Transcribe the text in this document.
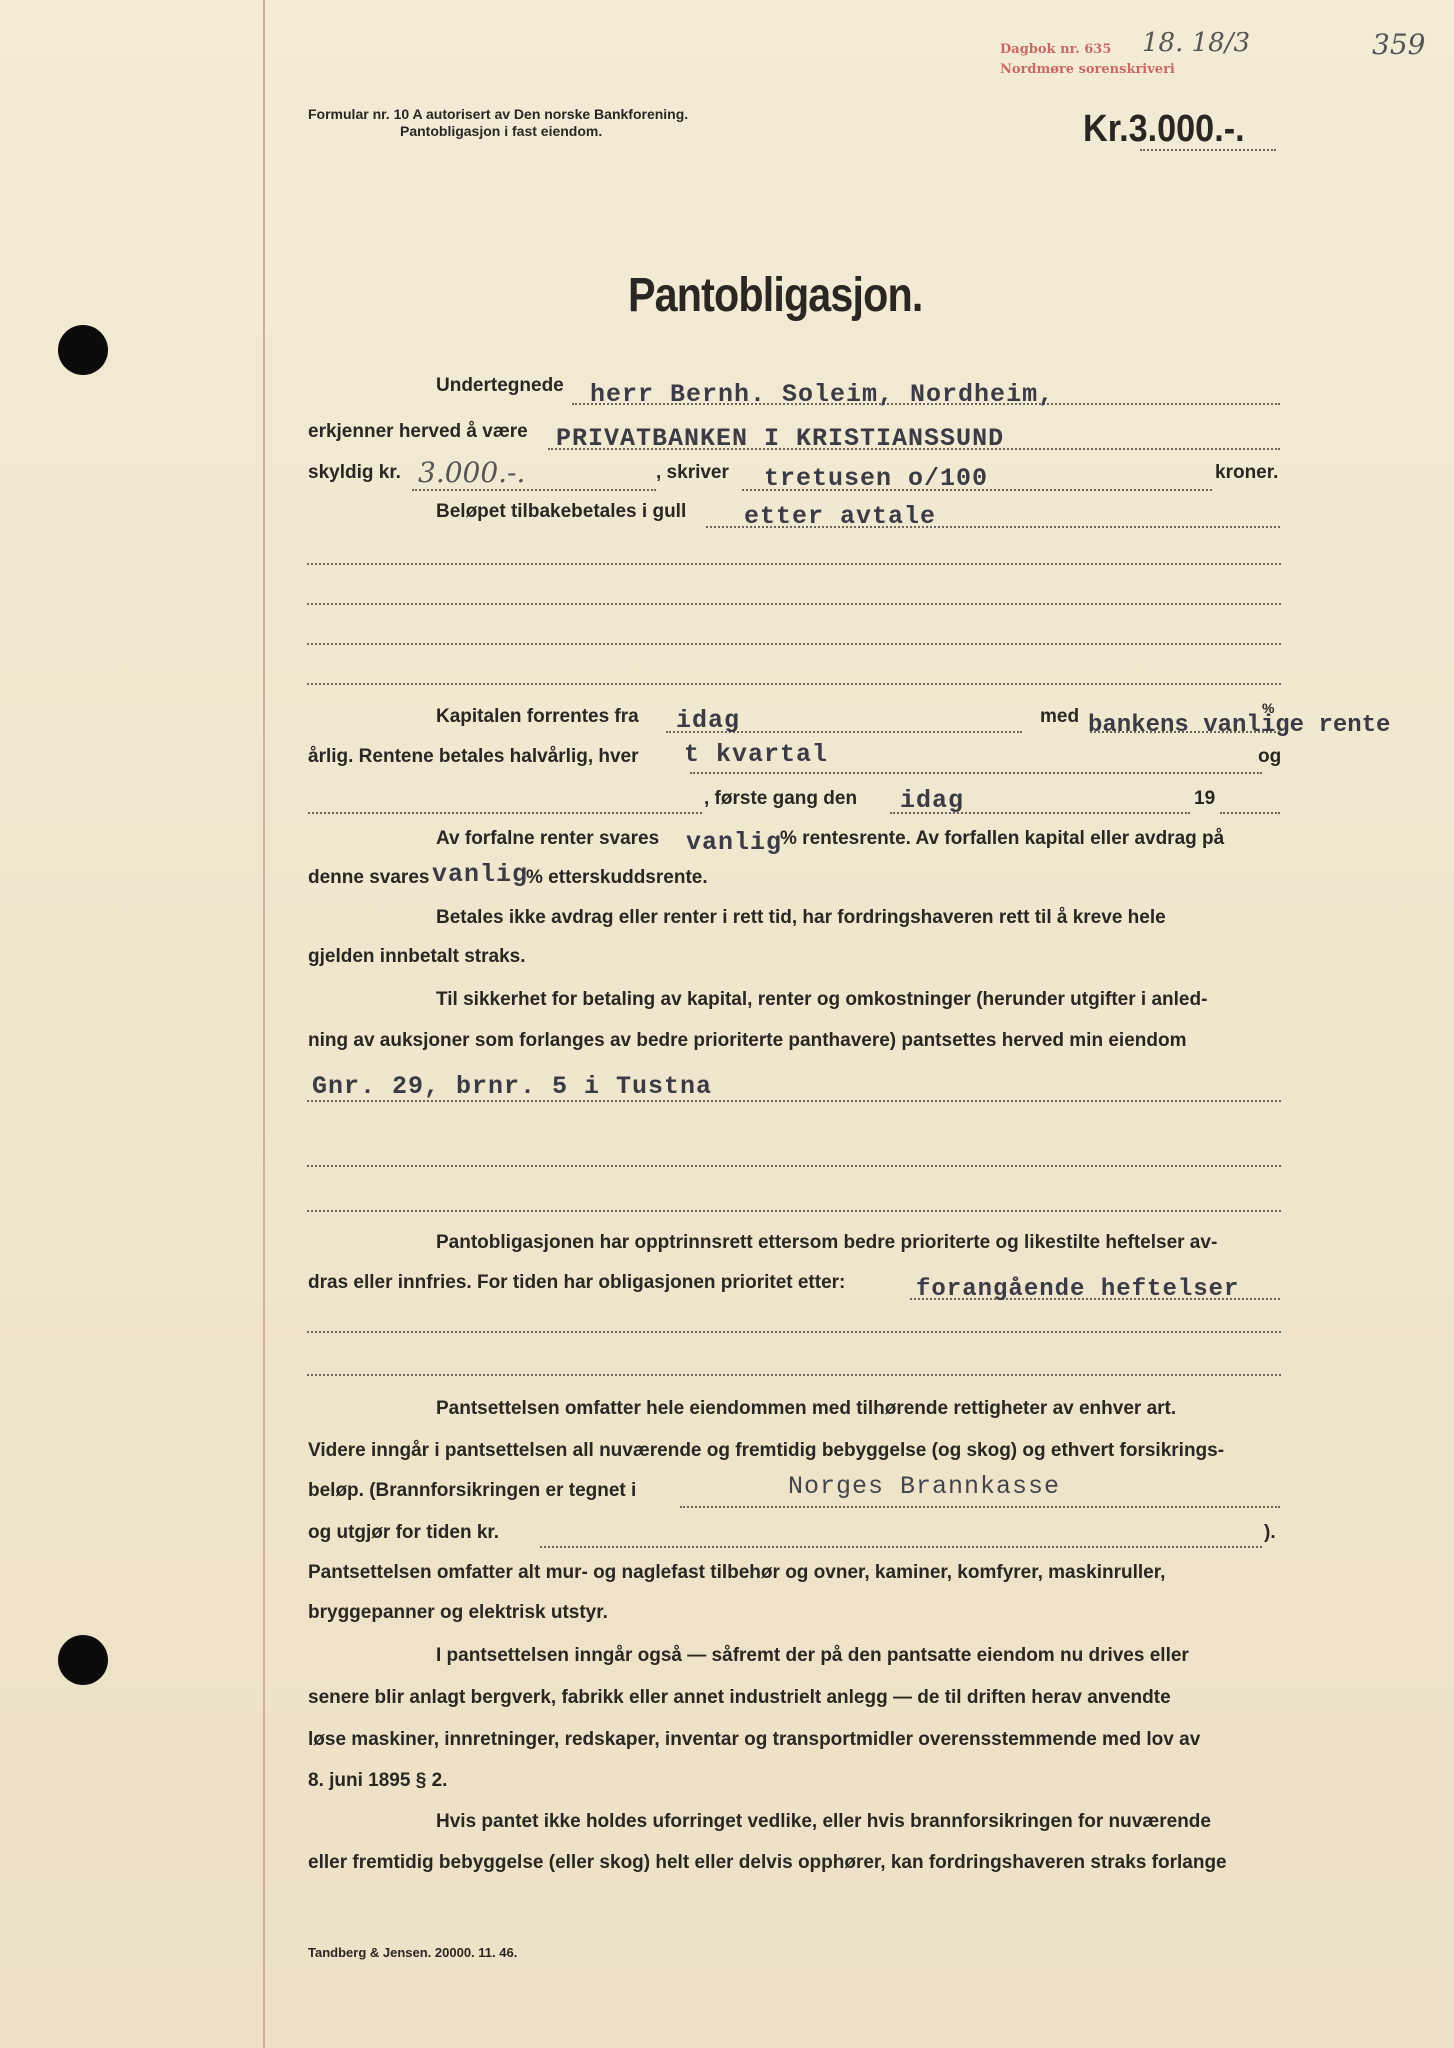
Dagbok nr. 635
Nordmøre sorenskriveri
18. 18/3	359
Formular nr. 10 A autorisert av Den norske Bankforening.
Pantobligasjon i fast eiendom.	Kr.3.000.-.
Pantobligasjon.
Undertegnede herr Bernh. Soleim, Nordheim,
erkjenner herved å være PRIVATBANKEN I KRISTIANSSUND
skyldig kr. 3.000.-.	, skriver tretusen o/100	kroner.
Beløpet tilbakebetales i gull etter avtale
Kapitalen forrentes fra idag	med bankens vanlige rente
%
årlig. Rentene betales halvårlig, hver t kvartal	og
, første gang den idag	19
Av forfalne renter svares vanlig
% rentesrente. Av forfallen kapital eller avdrag på
denne svares vanlig
% etterskuddsrente.
Betales ikke avdrag eller renter i rett tid, har fordringshaveren rett til å kreve hele
gjelden innbetalt straks.
Til sikkerhet for betaling av kapital, renter og omkostninger (herunder utgifter i anled-
ning av auksjoner som forlanges av bedre prioriterte panthavere) pantsettes herved min eiendom
Gnr. 29, brnr. 5 i Tustna
Pantobligasjonen har opptrinnsrett ettersom bedre prioriterte og likestilte heftelser av-
dras eller innfries. For tiden har obligasjonen prioritet etter:	forangående heftelser
Pantsettelsen omfatter hele eiendommen med tilhørende rettigheter av enhver art.
Videre inngår i pantsettelsen all nuværende og fremtidig bebyggelse (og skog) og ethvert forsikrings-
beløp. (Brannforsikringen er tegnet i	Norges Brannkasse
og utgjør for tiden kr.	).
Pantsettelsen omfatter alt mur- og naglefast tilbehør og ovner, kaminer, komfyrer, maskinruller,
bryggepanner og elektrisk utstyr.
I pantsettelsen inngår også — såfremt der på den pantsatte eiendom nu drives eller
senere blir anlagt bergverk, fabrikk eller annet industrielt anlegg — de til driften herav anvendte
løse maskiner, innretninger, redskaper, inventar og transportmidler overensstemmende med lov av
8. juni 1895 § 2.
Hvis pantet ikke holdes uforringet vedlike, eller hvis brannforsikringen for nuværende
eller fremtidig bebyggelse (eller skog) helt eller delvis opphører, kan fordringshaveren straks forlange
Tandberg & Jensen. 20000. 11. 46.
